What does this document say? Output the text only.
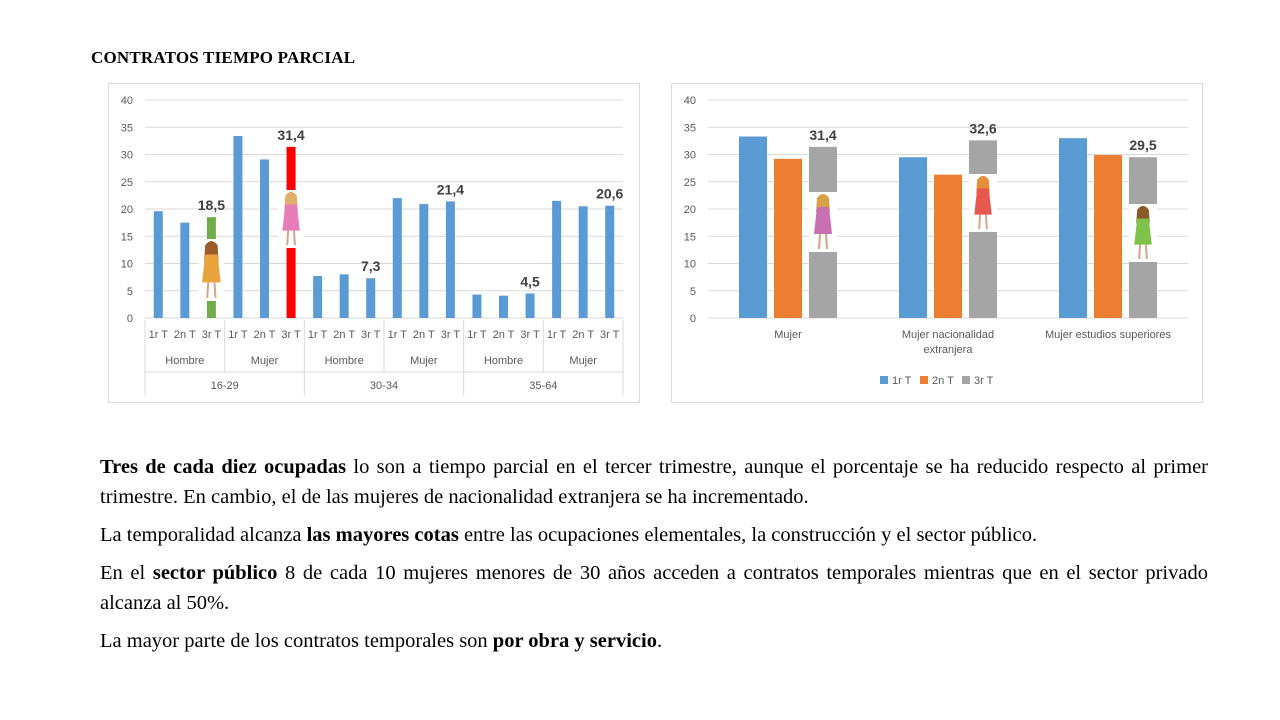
CONTRATOS TIEMPO PARCIAL
0
5
10
15
20
25
30
35
40
1r T 2n T
18,5
3r T 1r T 2n T
31,4
3r T 1r T 2n T
7,3
3r T 1r T 2n T
21,4
3r T 1r T 2n T
4,5
3r T 1r T 2n T
20,6
3r T
Hombre	Mujer	Hombre	Mujer	Hombre	Mujer
16-29	30-34	35-64
0
5
10
15
20
25
30
35
40
31,4
Mujer
32,6
Mujer nacionalidad
extranjera
29,5
Mujer estudios superiores
1r T 2n T 3r T

Tres de cada diez ocupadas lo son a tiempo parcial en el tercer trimestre, aunque el porcentaje se ha reducido respecto al primer trimestre. En cambio, el de las mujeres de nacionalidad extranjera se ha incrementado.

La temporalidad alcanza las mayores cotas entre las ocupaciones elementales, la construcción y el sector público.

En el sector público 8 de cada 10 mujeres menores de 30 años acceden a contratos temporales mientras que en el sector privado alcanza al 50%.

La mayor parte de los contratos temporales son por obra y servicio.
